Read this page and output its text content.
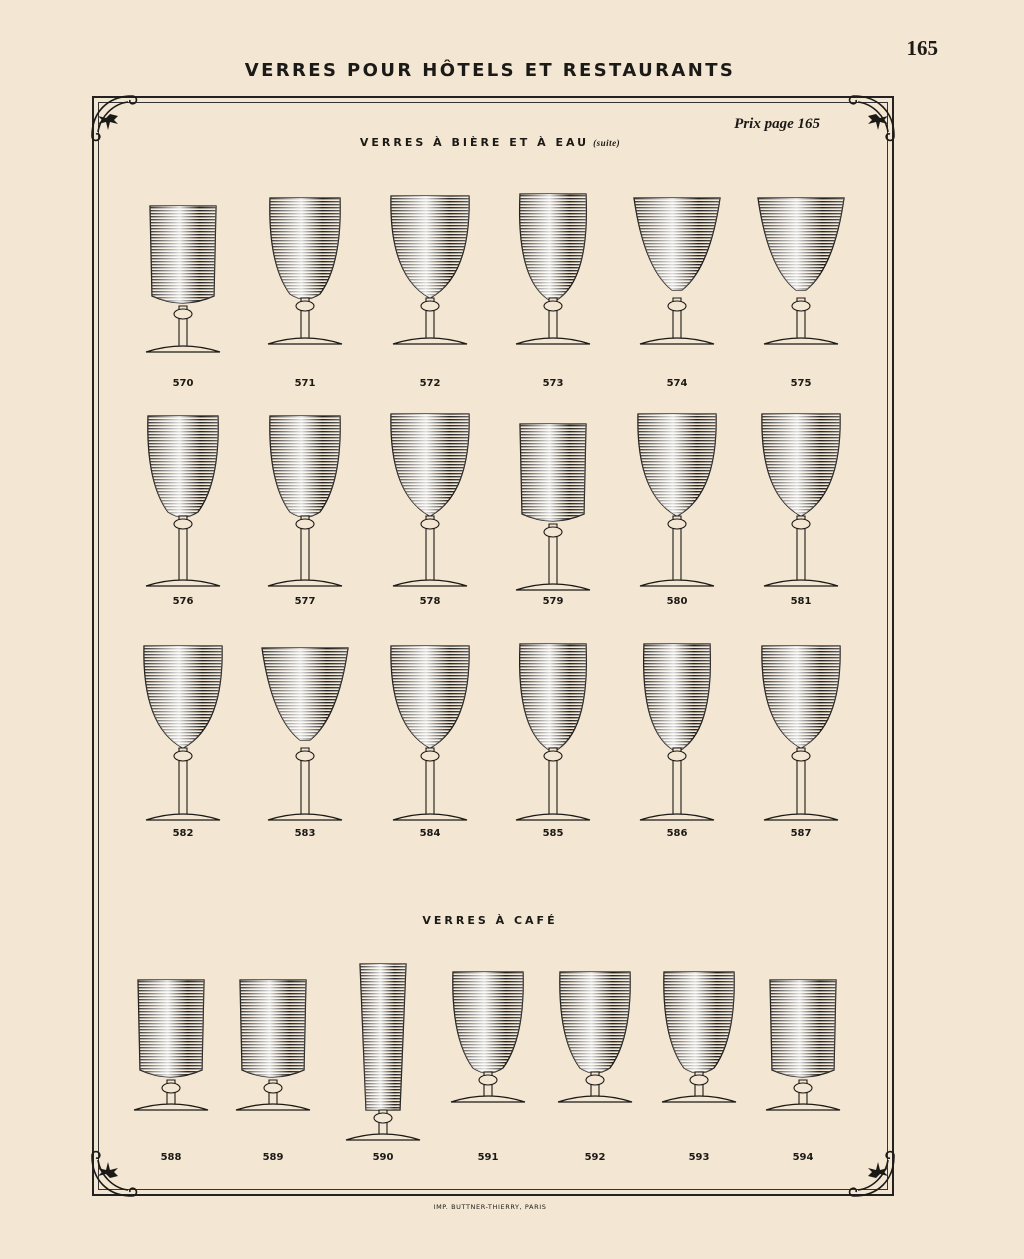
165
VERRES POUR HÔTELS ET RESTAURANTS
Prix page 165
VERRES À BIÈRE ET À EAU (suite)
570	571	572	573	574	575
576	577	578	579	580	581
582	583	584	585	586	587
VERRES À CAFÉ
588	589	590	591	592	593	594
IMP. BUTTNER-THIERRY, PARIS
